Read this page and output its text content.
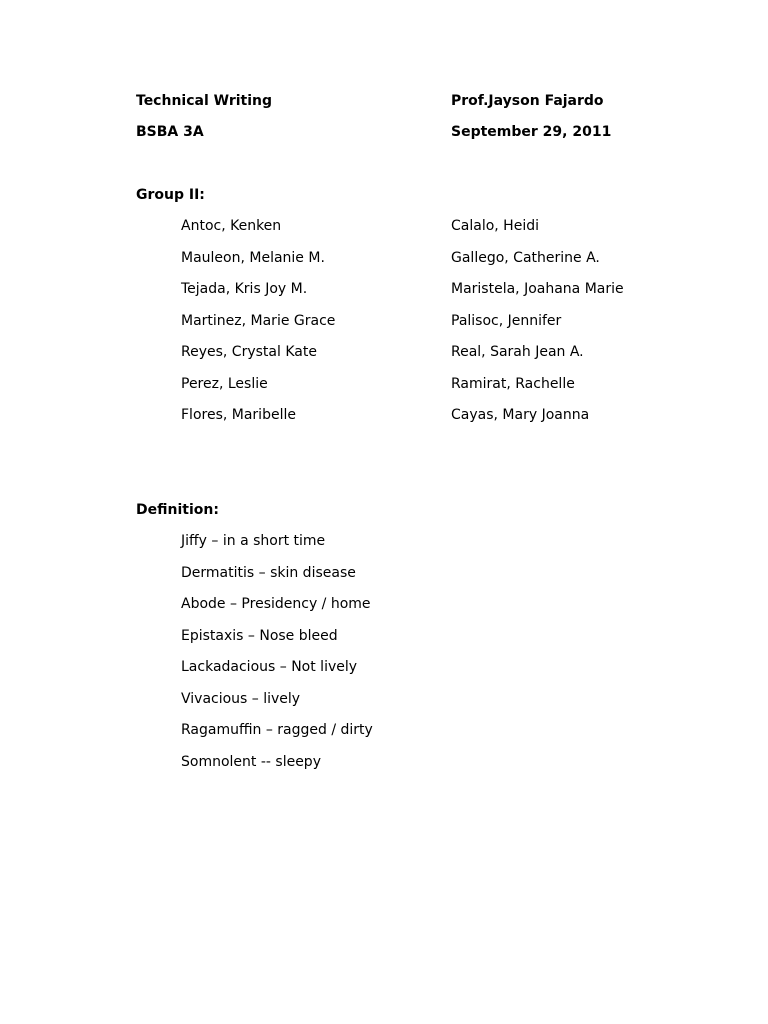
Technical Writing	Prof.Jayson Fajardo
BSBA 3A	September 29, 2011
Group II:
Antoc, Kenken
Mauleon, Melanie M.
Tejada, Kris Joy M.
Martinez, Marie Grace
Reyes, Crystal Kate
Perez, Leslie
Flores, Maribelle
Calalo, Heidi
Gallego, Catherine A.
Maristela, Joahana Marie
Palisoc, Jennifer
Real, Sarah Jean A.
Ramirat, Rachelle
Cayas, Mary Joanna
Definition:
Jiffy – in a short time
Dermatitis – skin disease
Abode – Presidency / home
Epistaxis – Nose bleed
Lackadacious – Not lively
Vivacious – lively
Ragamuffin – ragged / dirty
Somnolent -- sleepy
